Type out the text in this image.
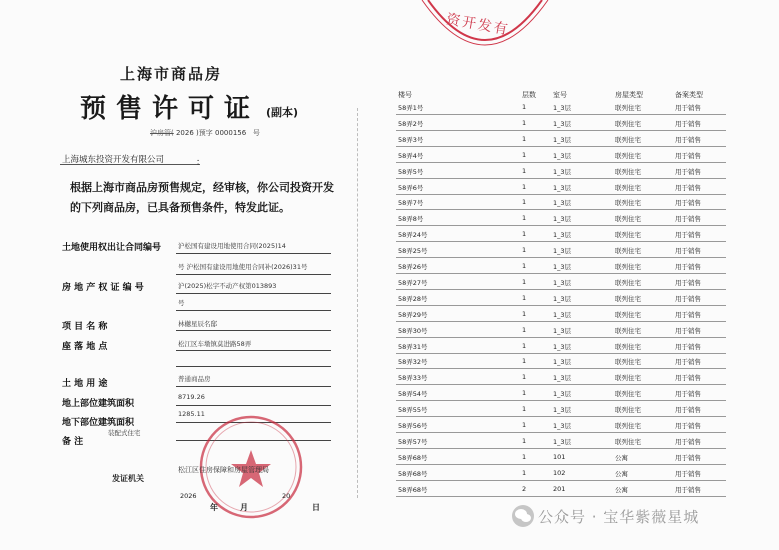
资开发有
上海市商品房
预售许可证 (副本)
沪房管( 2026 )预字 0000156 号
上海城东投资开发有限公司	：
根据上海市商品房预售规定，经审核，你公司投资开发的下列商品房，已具备预售条件，特发此证。
土地使用权出让合同编号	沪松国有建设用地使用合同(2025)14
号 沪松国有建设用地使用合同补(2026)31号
房 地 产 权 证 编 号	沪(2025)松字不动产权第013893
号
项 目 名 称	林樾星辰名邸
座 落 地 点	松江区车墩镇莫进路58弄
土 地 用 途	普通商品房
地上部位建筑面积
8719.26
地下部位建筑面积
1285.11
备 注
装配式住宅
发证机关
松江区住房保障和房屋管理局
2026	20
年	月	日
楼号	层数 室号	房屋类型	备案类型
58弄1号	1	1_3层	联列住宅	用于销售
58弄2号	1	1_3层	联列住宅	用于销售
58弄3号	1	1_3层	联列住宅	用于销售
58弄4号	1	1_3层	联列住宅	用于销售
58弄5号	1	1_3层	联列住宅	用于销售
58弄6号	1	1_3层	联列住宅	用于销售
58弄7号	1	1_3层	联列住宅	用于销售
58弄8号	1	1_3层	联列住宅	用于销售
58弄24号	1	1_3层	联列住宅	用于销售
58弄25号	1	1_3层	联列住宅	用于销售
58弄26号	1	1_3层	联列住宅	用于销售
58弄27号	1	1_3层	联列住宅	用于销售
58弄28号	1	1_3层	联列住宅	用于销售
58弄29号	1	1_3层	联列住宅	用于销售
58弄30号	1	1_3层	联列住宅	用于销售
58弄31号	1	1_3层	联列住宅	用于销售
58弄32号	1	1_3层	联列住宅	用于销售
58弄33号	1	1_3层	联列住宅	用于销售
58弄54号	1	1_3层	联列住宅	用于销售
58弄55号	1	1_3层	联列住宅	用于销售
58弄56号	1	1_3层	联列住宅	用于销售
58弄57号	1	1_3层	联列住宅	用于销售
58弄68号	1	101	公寓	用于销售
58弄68号	1	102	公寓	用于销售
58弄68号	2	201	公寓	用于销售
公众号 · 宝华紫薇星城
